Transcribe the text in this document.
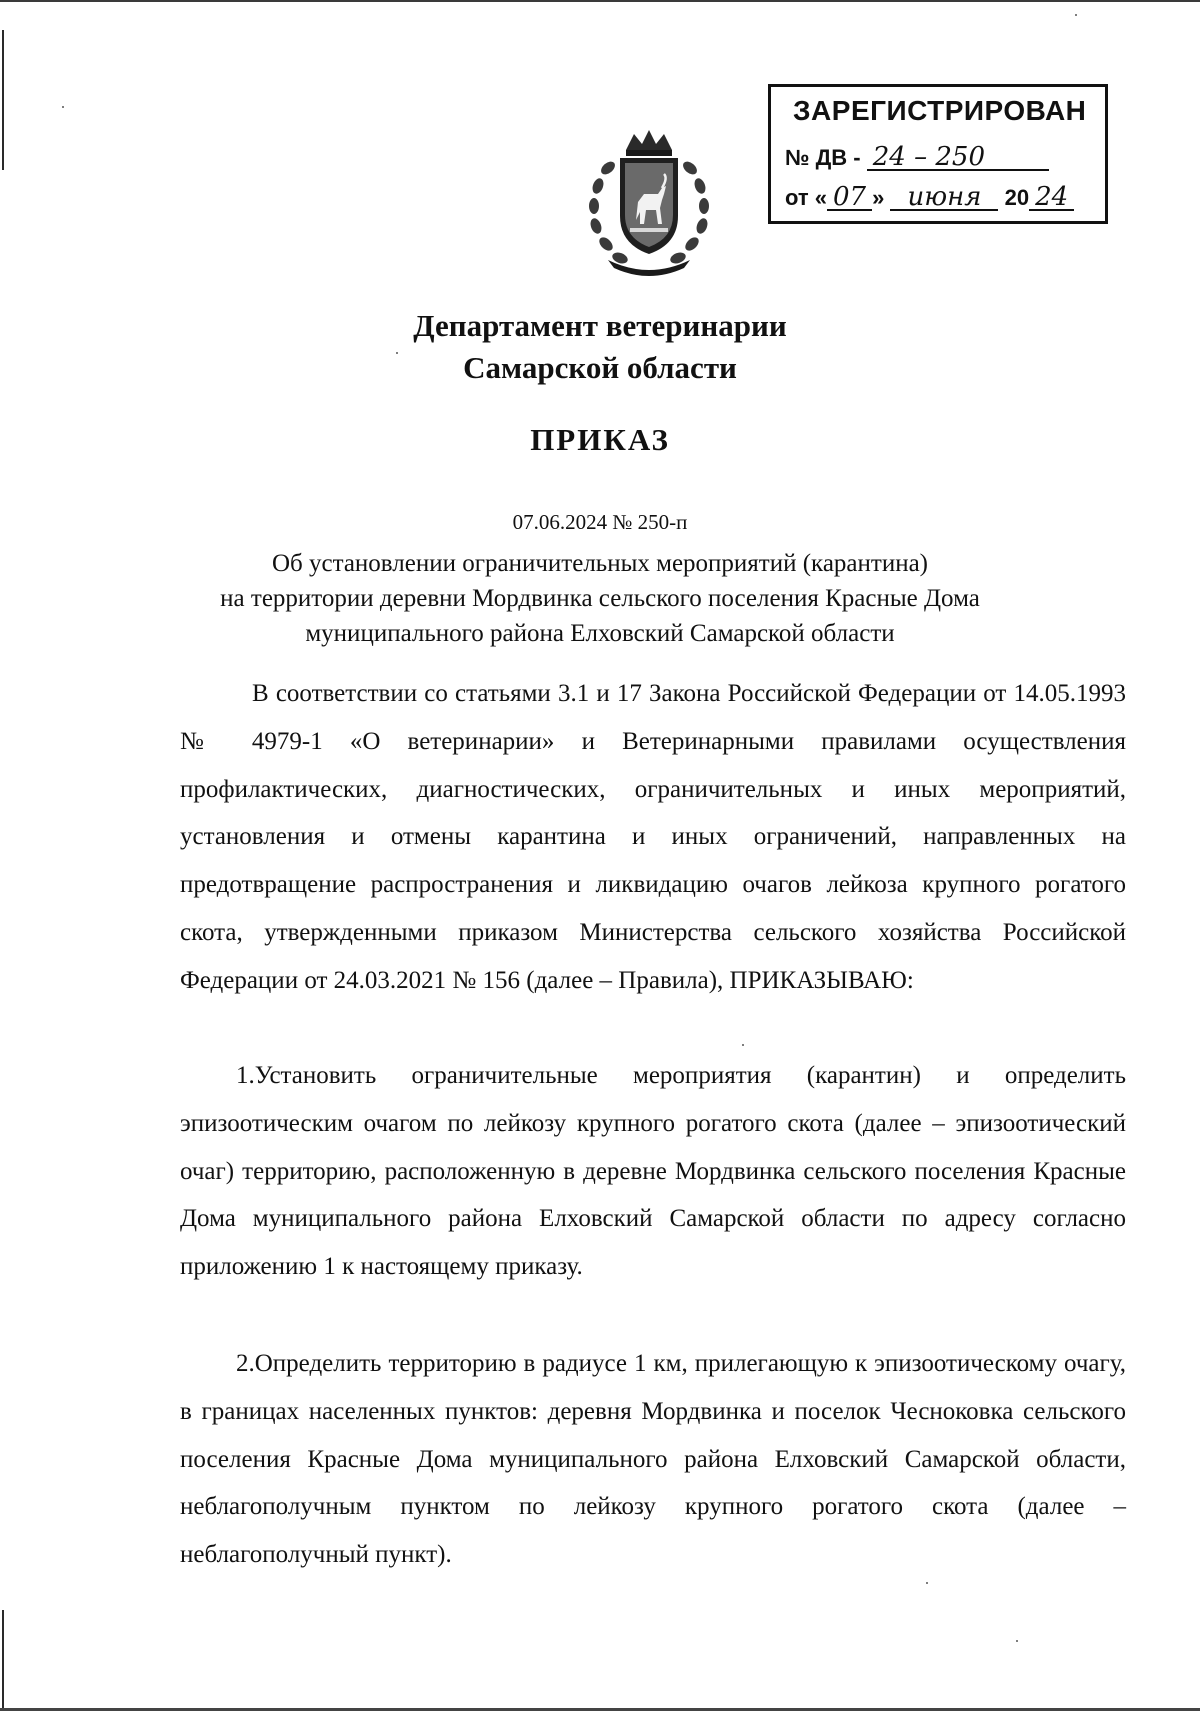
ЗАРЕГИСТРИРОВАН
№ ДВ - 24 – 250
от « 07 » июня 20 24
Департамент ветеринарии
Самарской области
ПРИКАЗ
07.06.2024 № 250-п
Об установлении ограничительных мероприятий (карантина)
на территории деревни Мордвинка сельского поселения Красные Дома
муниципального района Елховский Самарской области

В соответствии со статьями 3.1 и 17 Закона Российской Федерации от 14.05.1993 № 4979-1 «О ветеринарии» и Ветеринарными правилами осуществления профилактических, диагностических, ограничительных и иных мероприятий, установления и отмены карантина и иных ограничений, направленных на предотвращение распространения и ликвидацию очагов лейкоза крупного рогатого скота, утвержденными приказом Министерства сельского хозяйства Российской Федерации от 24.03.2021 № 156 (далее – Правила), ПРИКАЗЫВАЮ:

1.Установить ограничительные мероприятия (карантин) и определить эпизоотическим очагом по лейкозу крупного рогатого скота (далее – эпизоотический очаг) территорию, расположенную в деревне Мордвинка сельского поселения Красные Дома муниципального района Елховский Самарской области по адресу согласно приложению 1 к настоящему приказу.

2.Определить территорию в радиусе 1 км, прилегающую к эпизоотическому очагу, в границах населенных пунктов: деревня Мордвинка и поселок Чесноковка сельского поселения Красные Дома муниципального района Елховский Самарской области, неблагополучным пунктом по лейкозу крупного рогатого скота (далее – неблагополучный пункт).
